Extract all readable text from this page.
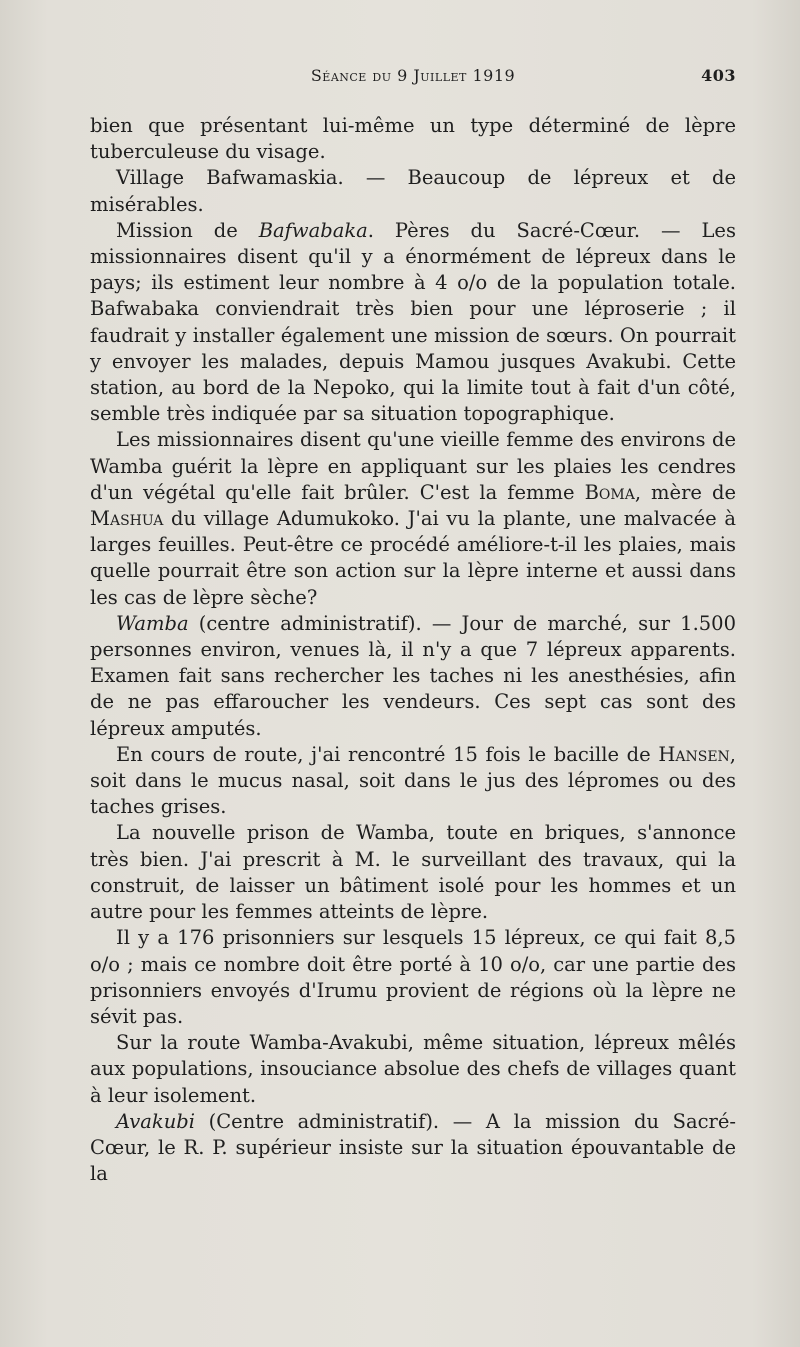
Séance du 9 Juillet 1919	403

bien que présentant lui-même un type déterminé de lèpre tuberculeuse du visage.

Village Bafwamaskia. — Beaucoup de lépreux et de misérables.

Mission de Bafwabaka. Pères du Sacré-Cœur. — Les missionnaires disent qu'il y a énormément de lépreux dans le pays; ils estiment leur nombre à 4 o/o de la population totale. Bafwabaka conviendrait très bien pour une léproserie ; il faudrait y installer également une mission de sœurs. On pourrait y envoyer les malades, depuis Mamou jusques Avakubi. Cette station, au bord de la Nepoko, qui la limite tout à fait d'un côté, semble très indiquée par sa situation topographique.

Les missionnaires disent qu'une vieille femme des environs de Wamba guérit la lèpre en appliquant sur les plaies les cendres d'un végétal qu'elle fait brûler. C'est la femme Boma, mère de Mashua du village Adumukoko. J'ai vu la plante, une malvacée à larges feuilles. Peut-être ce procédé améliore-t-il les plaies, mais quelle pourrait être son action sur la lèpre interne et aussi dans les cas de lèpre sèche?

Wamba (centre administratif). — Jour de marché, sur 1.500 personnes environ, venues là, il n'y a que 7 lépreux apparents. Examen fait sans rechercher les taches ni les anesthésies, afin de ne pas effaroucher les vendeurs. Ces sept cas sont des lépreux amputés.

En cours de route, j'ai rencontré 15 fois le bacille de Hansen, soit dans le mucus nasal, soit dans le jus des lépromes ou des taches grises.

La nouvelle prison de Wamba, toute en briques, s'annonce très bien. J'ai prescrit à M. le surveillant des travaux, qui la construit, de laisser un bâtiment isolé pour les hommes et un autre pour les femmes atteints de lèpre.

Il y a 176 prisonniers sur lesquels 15 lépreux, ce qui fait 8,5 o/o ; mais ce nombre doit être porté à 10 o/o, car une partie des prisonniers envoyés d'Irumu provient de régions où la lèpre ne sévit pas.

Sur la route Wamba-Avakubi, même situation, lépreux mêlés aux populations, insouciance absolue des chefs de villages quant à leur isolement.

Avakubi (Centre administratif). — A la mission du Sacré-Cœur, le R. P. supérieur insiste sur la situation épouvantable de la
